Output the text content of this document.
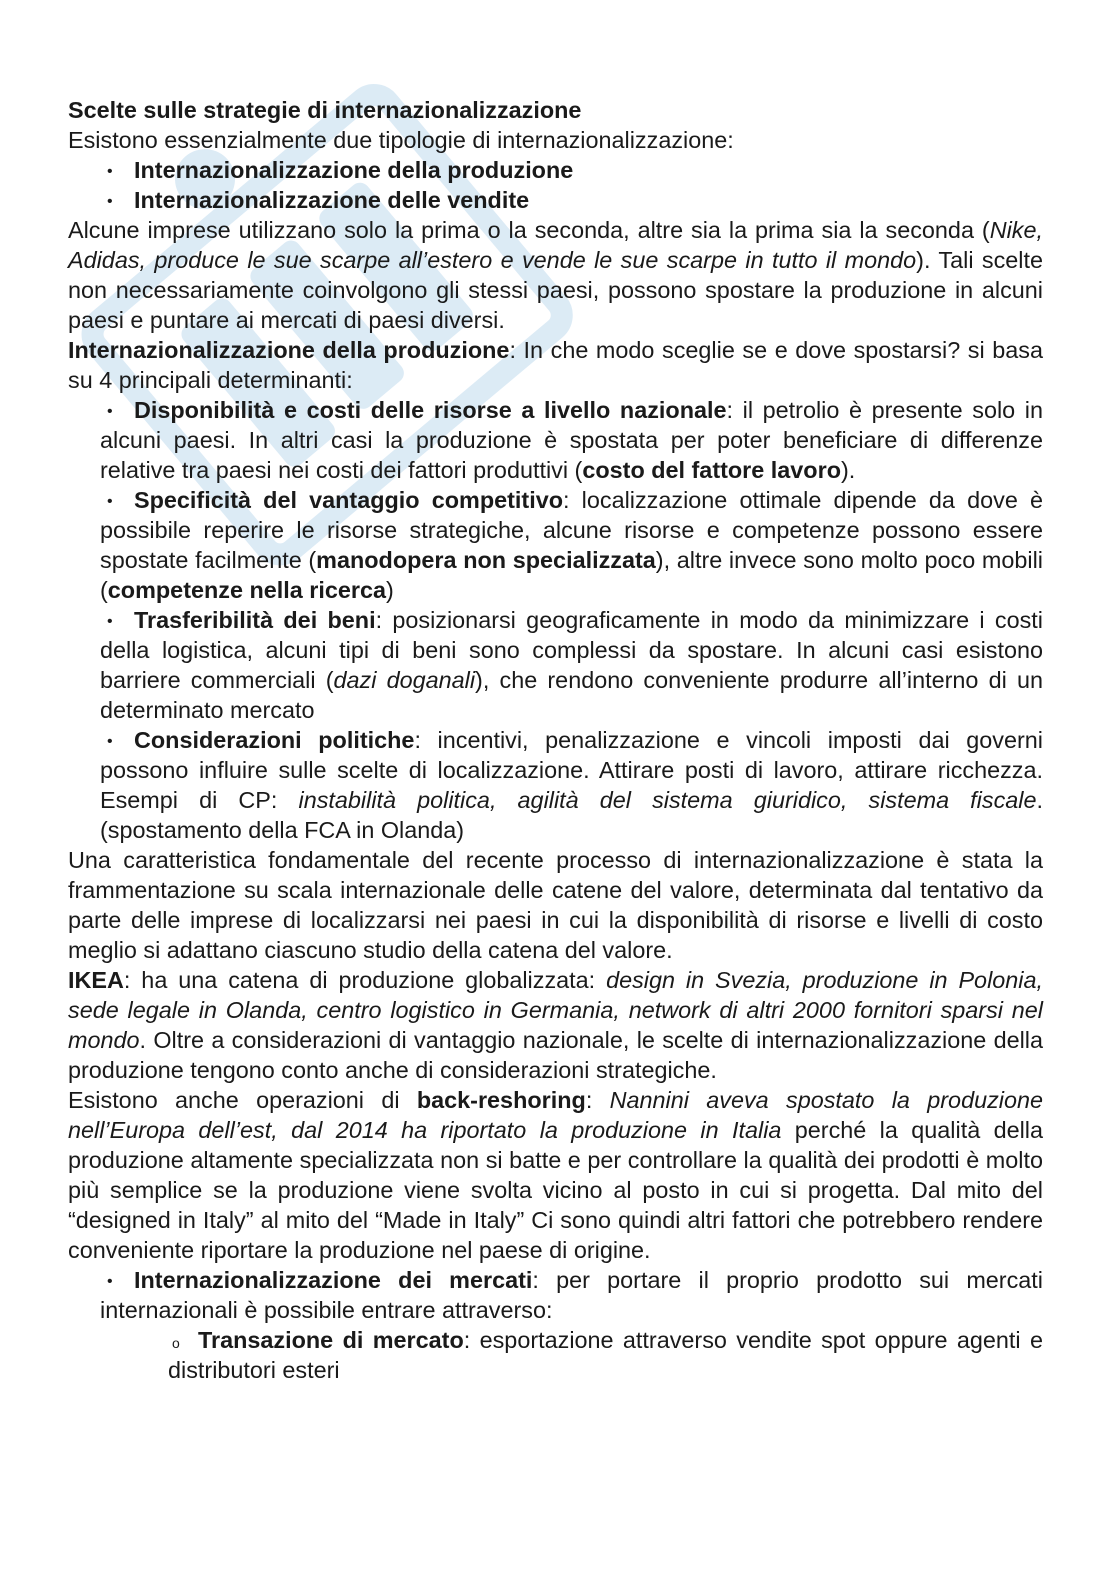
Scelte sulle strategie di internazionalizzazione

Esistono essenzialmente due tipologie di internazionalizzazione:

• Internazionalizzazione della produzione
• Internazionalizzazione delle vendite

Alcune imprese utilizzano solo la prima o la seconda, altre sia la prima sia la seconda (Nike, Adidas, produce le sue scarpe all’estero e vende le sue scarpe in tutto il mondo). Tali scelte non necessariamente coinvolgono gli stessi paesi, possono spostare la produzione in alcuni paesi e puntare ai mercati di paesi diversi.

Internazionalizzazione della produzione: In che modo sceglie se e dove spostarsi? si basa su 4 principali determinanti:

• Disponibilità e costi delle risorse a livello nazionale: il petrolio è presente solo in alcuni paesi. In altri casi la produzione è spostata per poter beneficiare di differenze relative tra paesi nei costi dei fattori produttivi (costo del fattore lavoro).
• Specificità del vantaggio competitivo: localizzazione ottimale dipende da dove è possibile reperire le risorse strategiche, alcune risorse e competenze possono essere spostate facilmente (manodopera non specializzata), altre invece sono molto poco mobili (competenze nella ricerca)
• Trasferibilità dei beni: posizionarsi geograficamente in modo da minimizzare i costi della logistica, alcuni tipi di beni sono complessi da spostare. In alcuni casi esistono barriere commerciali (dazi doganali), che rendono conveniente produrre all’interno di un determinato mercato
• Considerazioni politiche: incentivi, penalizzazione e vincoli imposti dai governi possono influire sulle scelte di localizzazione. Attirare posti di lavoro, attirare ricchezza. Esempi di CP: instabilità politica, agilità del sistema giuridico, sistema fiscale. (spostamento della FCA in Olanda)

Una caratteristica fondamentale del recente processo di internazionalizzazione è stata la frammentazione su scala internazionale delle catene del valore, determinata dal tentativo da parte delle imprese di localizzarsi nei paesi in cui la disponibilità di risorse e livelli di costo meglio si adattano ciascuno studio della catena del valore.

IKEA: ha una catena di produzione globalizzata: design in Svezia, produzione in Polonia, sede legale in Olanda, centro logistico in Germania, network di altri 2000 fornitori sparsi nel mondo. Oltre a considerazioni di vantaggio nazionale, le scelte di internazionalizzazione della produzione tengono conto anche di considerazioni strategiche.

Esistono anche operazioni di back-reshoring: Nannini aveva spostato la produzione nell’Europa dell’est, dal 2014 ha riportato la produzione in Italia perché la qualità della produzione altamente specializzata non si batte e per controllare la qualità dei prodotti è molto più semplice se la produzione viene svolta vicino al posto in cui si progetta. Dal mito del “designed in Italy” al mito del “Made in Italy” Ci sono quindi altri fattori che potrebbero rendere conveniente riportare la produzione nel paese di origine.

• Internazionalizzazione dei mercati: per portare il proprio prodotto sui mercati internazionali è possibile entrare attraverso:
o Transazione di mercato: esportazione attraverso vendite spot oppure agenti e distributori esteri
